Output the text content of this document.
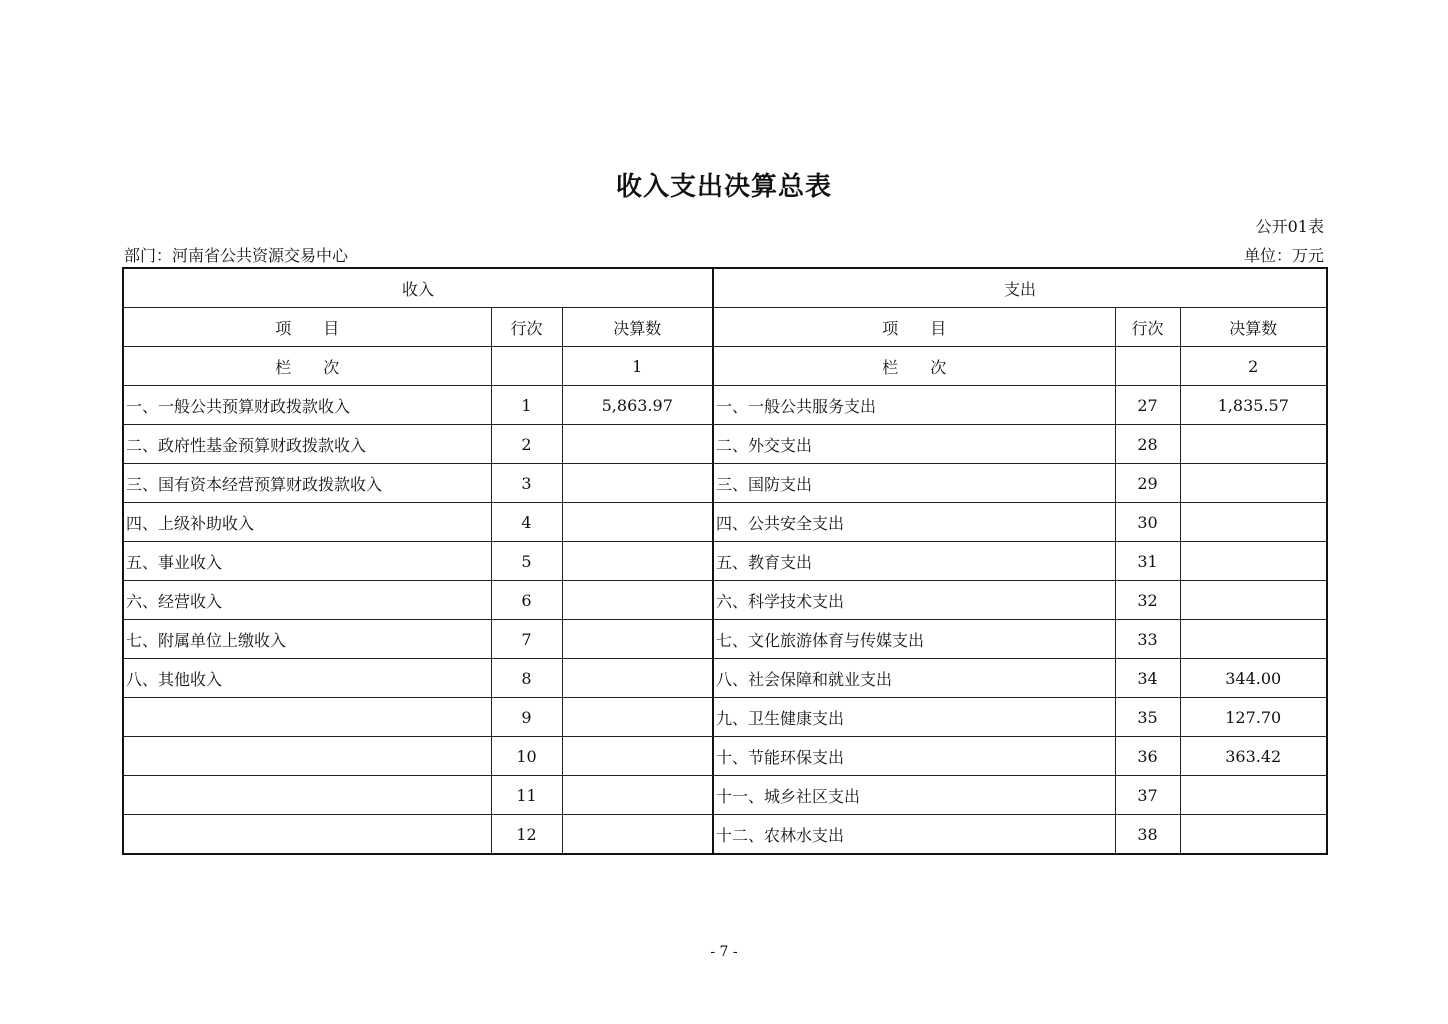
收入支出决算总表
公开01表
部门：河南省公共资源交易中心	单位：万元
收入			支出		
项　　目	行次	决算数	项　　目	行次	决算数
栏　　次		1	栏　　次		2
一、一般公共预算财政拨款收入	1	5,863.97	一、一般公共服务支出	27	1,835.57
二、政府性基金预算财政拨款收入	2		二、外交支出	28	
三、国有资本经营预算财政拨款收入	3		三、国防支出	29	
四、上级补助收入	4		四、公共安全支出	30	
五、事业收入	5		五、教育支出	31	
六、经营收入	6		六、科学技术支出	32	
七、附属单位上缴收入	7		七、文化旅游体育与传媒支出	33	
八、其他收入	8		八、社会保障和就业支出	34	344.00
	9		九、卫生健康支出	35	127.70
	10		十、节能环保支出	36	363.42
	11		十一、城乡社区支出	37	
	12		十二、农林水支出	38	
- 7 -
